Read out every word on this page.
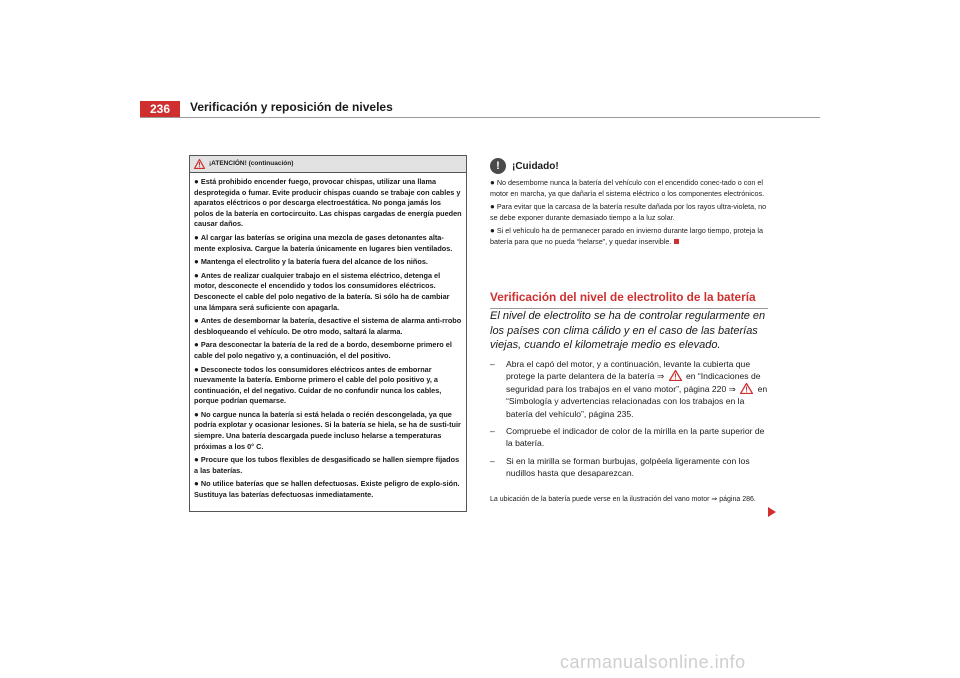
236	Verificación y reposición de niveles
¡ATENCIÓN! (continuación)

● Está prohibido encender fuego, provocar chispas, utilizar una llama desprotegida o fumar. Evite producir chispas cuando se trabaje con cables y aparatos eléctricos o por descarga electroestática. No ponga jamás los polos de la batería en cortocircuito. Las chispas cargadas de energía pueden causar daños.

● Al cargar las baterías se origina una mezcla de gases detonantes alta-mente explosiva. Cargue la batería únicamente en lugares bien ventilados.

● Mantenga el electrolito y la batería fuera del alcance de los niños.

● Antes de realizar cualquier trabajo en el sistema eléctrico, detenga el motor, desconecte el encendido y todos los consumidores eléctricos. Desconecte el cable del polo negativo de la batería. Si sólo ha de cambiar una lámpara será suficiente con apagarla.

● Antes de desembornar la batería, desactive el sistema de alarma anti-rrobo desbloqueando el vehículo. De otro modo, saltará la alarma.

● Para desconectar la batería de la red de a bordo, desemborne primero el cable del polo negativo y, a continuación, el del positivo.

● Desconecte todos los consumidores eléctricos antes de embornar nuevamente la batería. Emborne primero el cable del polo positivo y, a continuación, el del negativo. Cuidar de no confundir nunca los cables, porque podrían quemarse.

● No cargue nunca la batería si está helada o recién descongelada, ya que podría explotar y ocasionar lesiones. Si la batería se hiela, se ha de susti-tuir siempre. Una batería descargada puede incluso helarse a temperaturas próximas a los 0° C.

● Procure que los tubos flexibles de desgasificado se hallen siempre fijados a las baterías.

● No utilice baterías que se hallen defectuosas. Existe peligro de explo-sión. Sustituya las baterías defectuosas inmediatamente.

!	¡Cuidado!

● No desemborne nunca la batería del vehículo con el encendido conec-tado o con el motor en marcha, ya que dañaría el sistema eléctrico o los componentes electrónicos.

● Para evitar que la carcasa de la batería resulte dañada por los rayos ultra-violeta, no se debe exponer durante demasiado tiempo a la luz solar.

● Si el vehículo ha de permanecer parado en invierno durante largo tiempo, proteja la batería para que no pueda “helarse”, y quedar inservible.

Verificación del nivel de electrolito de la batería
El nivel de electrolito se ha de controlar regularmente en los países con clima cálido y en el caso de las baterías viejas, cuando el kilometraje medio es elevado.
–	Abra el capó del motor, y a continuación, levante la cubierta que protege la parte delantera de la batería ⇒	en “Indicaciones de seguridad para los trabajos en el vano motor”, página 220 ⇒	en “Simbología y advertencias relacionadas con los trabajos en la batería del vehículo”, página 235.
–	Compruebe el indicador de color de la mirilla en la parte superior de la batería.
–	Si en la mirilla se forman burbujas, golpéela ligeramente con los nudillos hasta que desaparezcan.
La ubicación de la batería puede verse en la ilustración del vano motor ⇒ página 286.
carmanualsonline.info
